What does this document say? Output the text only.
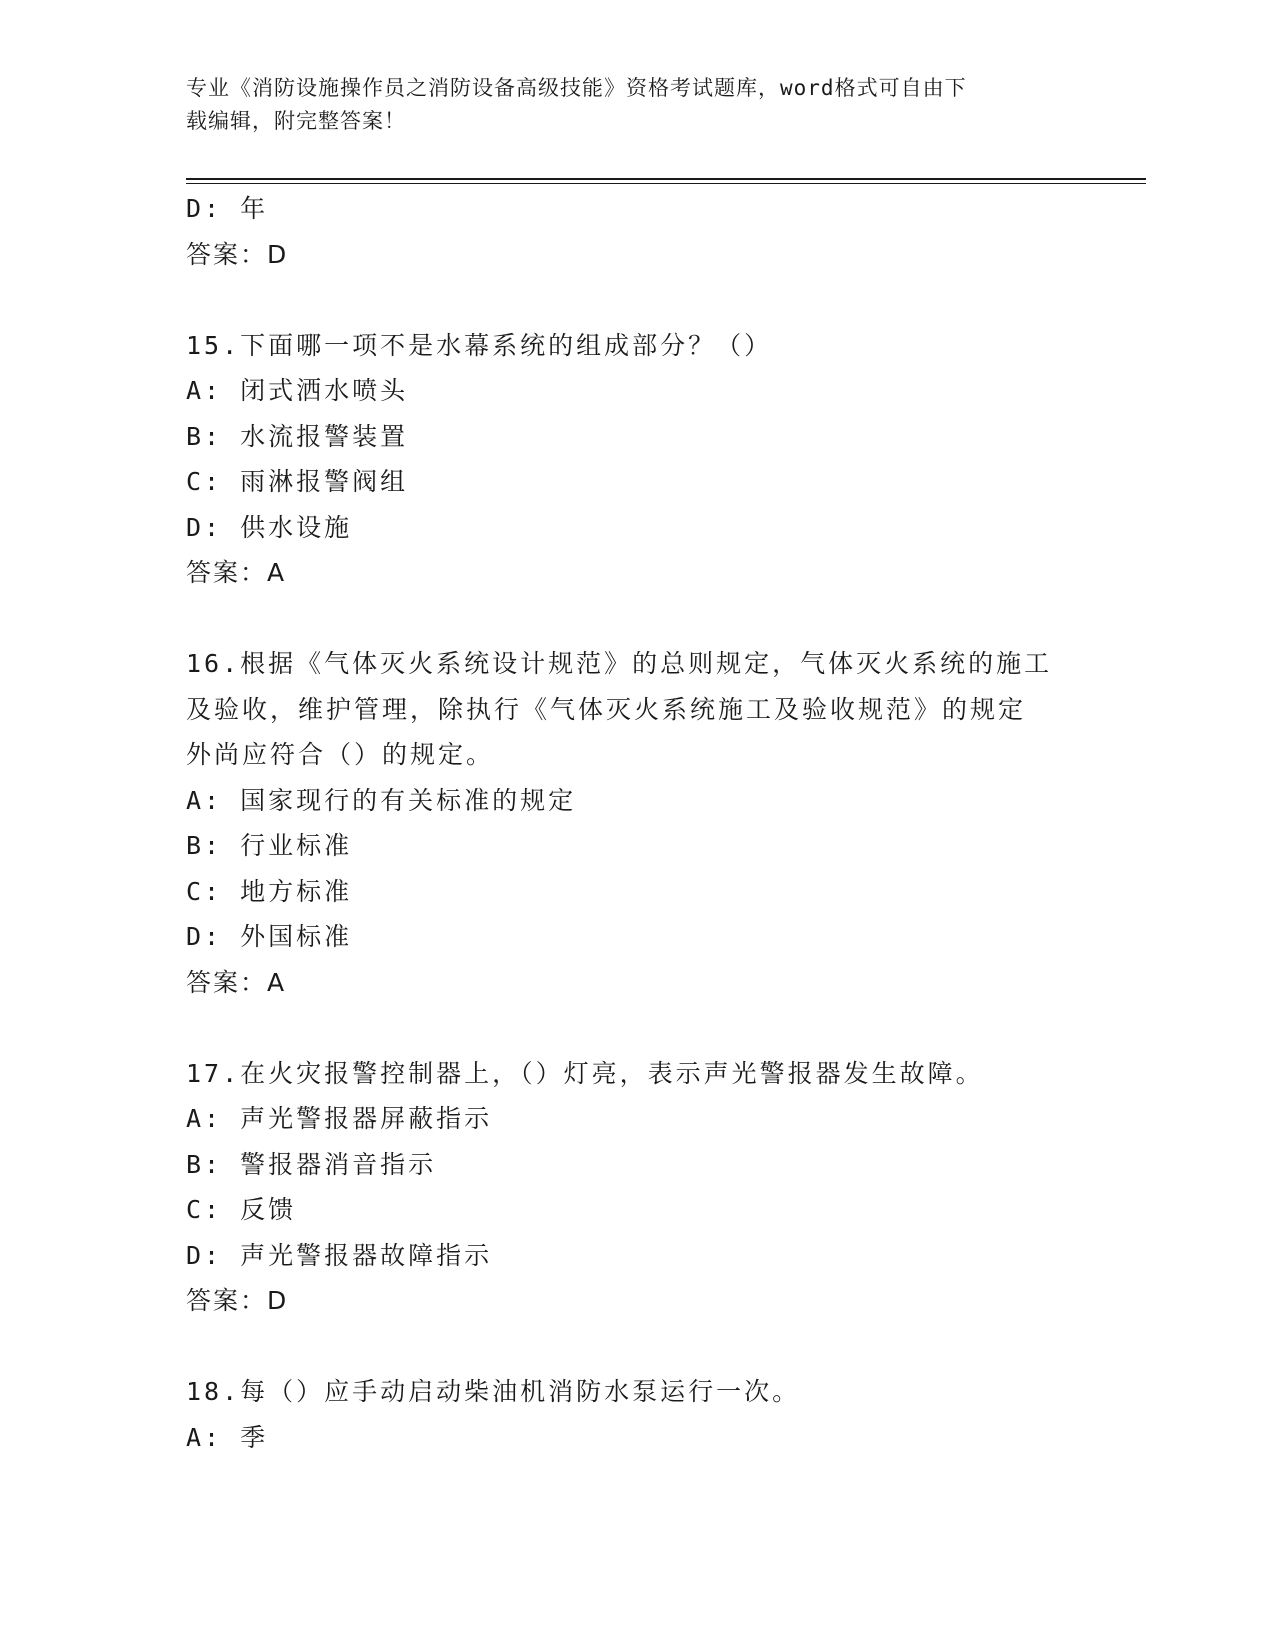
专业《消防设施操作员之消防设备高级技能》资格考试题库，word格式可自由下
载编辑，附完整答案！
D: 年
答案：D
15.下面哪一项不是水幕系统的组成部分？（）
A: 闭式洒水喷头
B: 水流报警装置
C: 雨淋报警阀组
D: 供水设施
答案：A
16.根据《气体灭火系统设计规范》的总则规定，气体灭火系统的施工
及验收，维护管理，除执行《气体灭火系统施工及验收规范》的规定
外尚应符合（）的规定。
A: 国家现行的有关标准的规定
B: 行业标准
C: 地方标准
D: 外国标准
答案：A
17.在火灾报警控制器上，（）灯亮，表示声光警报器发生故障。
A: 声光警报器屏蔽指示
B: 警报器消音指示
C: 反馈
D: 声光警报器故障指示
答案：D
18.每（）应手动启动柴油机消防水泵运行一次。
A: 季
